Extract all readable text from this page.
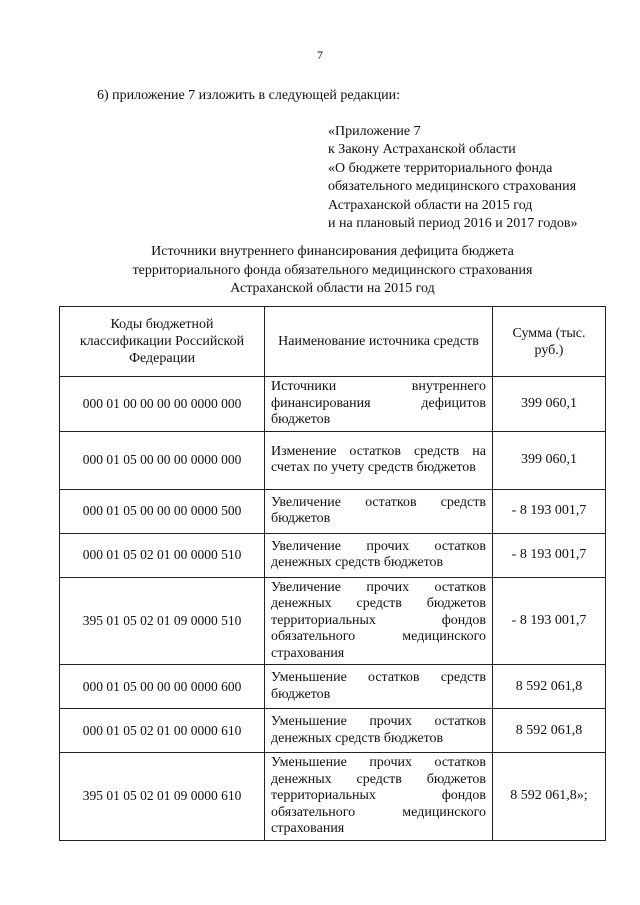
7
6) приложение 7 изложить в следующей редакции:
«Приложение 7
к Закону Астраханской области
«О бюджете территориального фонда
обязательного медицинского страхования
Астраханской области на 2015 год
и на плановый период 2016 и 2017 годов»
Источники внутреннего финансирования дефицита бюджета
территориального фонда обязательного медицинского страхования
Астраханской области на 2015 год
Коды бюджетной классификации Российской Федерации	Наименование источника средств	Сумма (тыс. руб.)
000 01 00 00 00 00 0000 000	Источники внутреннего финансирования дефицитов бюджетов	399 060,1
000 01 05 00 00 00 0000 000	Изменение остатков средств на счетах по учету средств бюджетов	399 060,1
000 01 05 00 00 00 0000 500	Увеличение остатков средств бюджетов	- 8 193 001,7
000 01 05 02 01 00 0000 510	Увеличение прочих остатков денежных средств бюджетов	- 8 193 001,7
395 01 05 02 01 09 0000 510	Увеличение прочих остатков денежных средств бюджетов территориальных фондов обязательного медицинского страхования	- 8 193 001,7
000 01 05 00 00 00 0000 600	Уменьшение остатков средств бюджетов	8 592 061,8
000 01 05 02 01 00 0000 610	Уменьшение прочих остатков денежных средств бюджетов	8 592 061,8
395 01 05 02 01 09 0000 610	Уменьшение прочих остатков денежных средств бюджетов территориальных фондов обязательного медицинского страхования	8 592 061,8»;
